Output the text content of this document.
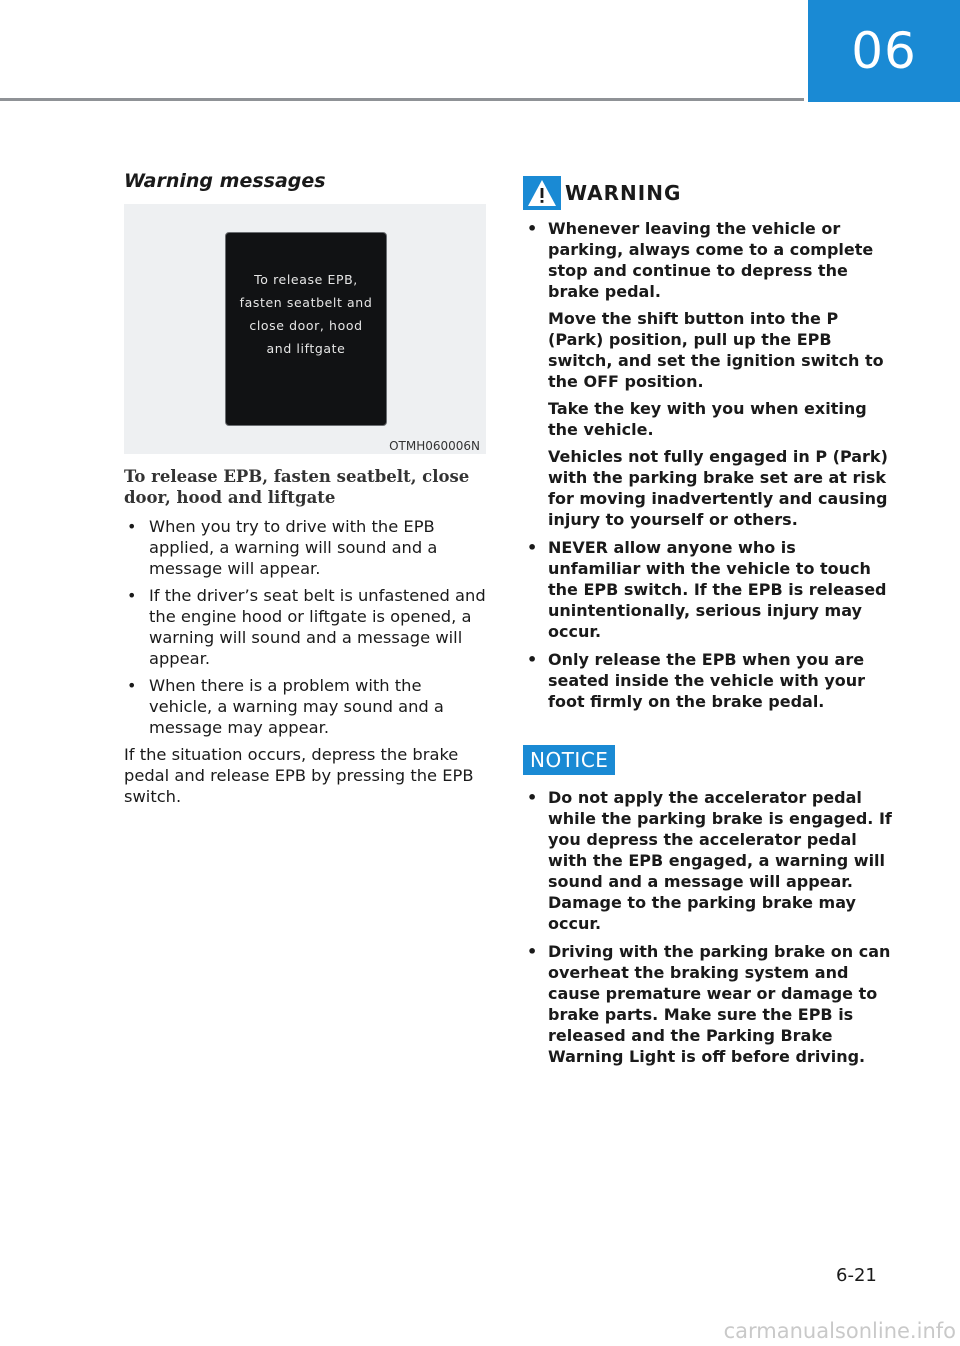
06
Warning messages
To release EPB,
fasten seatbelt and
close door, hood
and liftgate
OTMH060006N
To release EPB, fasten seatbelt, close door, hood and liftgate
• When you try to drive with the EPB applied, a warning will sound and a message will appear.
• If the driver’s seat belt is unfastened and the engine hood or liftgate is opened, a warning will sound and a message will appear.
• When there is a problem with the vehicle, a warning may sound and a message may appear.

If the situation occurs, depress the brake pedal and release EPB by pressing the EPB switch.

WARNING
• Whenever leaving the vehicle or parking, always come to a complete stop and continue to depress the brake pedal.

Move the shift button into the P (Park) position, pull up the EPB switch, and set the ignition switch to the OFF position.

Take the key with you when exiting the vehicle.

Vehicles not fully engaged in P (Park) with the parking brake set are at risk for moving inadvertently and causing injury to yourself or others.

• NEVER allow anyone who is unfamiliar with the vehicle to touch the EPB switch. If the EPB is released unintentionally, serious injury may occur.

• Only release the EPB when you are seated inside the vehicle with your foot firmly on the brake pedal.

NOTICE
• Do not apply the accelerator pedal while the parking brake is engaged. If you depress the accelerator pedal with the EPB engaged, a warning will sound and a message will appear. Damage to the parking brake may occur.

• Driving with the parking brake on can overheat the braking system and cause premature wear or damage to brake parts. Make sure the EPB is released and the Parking Brake Warning Light is off before driving.

6-21
carmanualsonline.info
